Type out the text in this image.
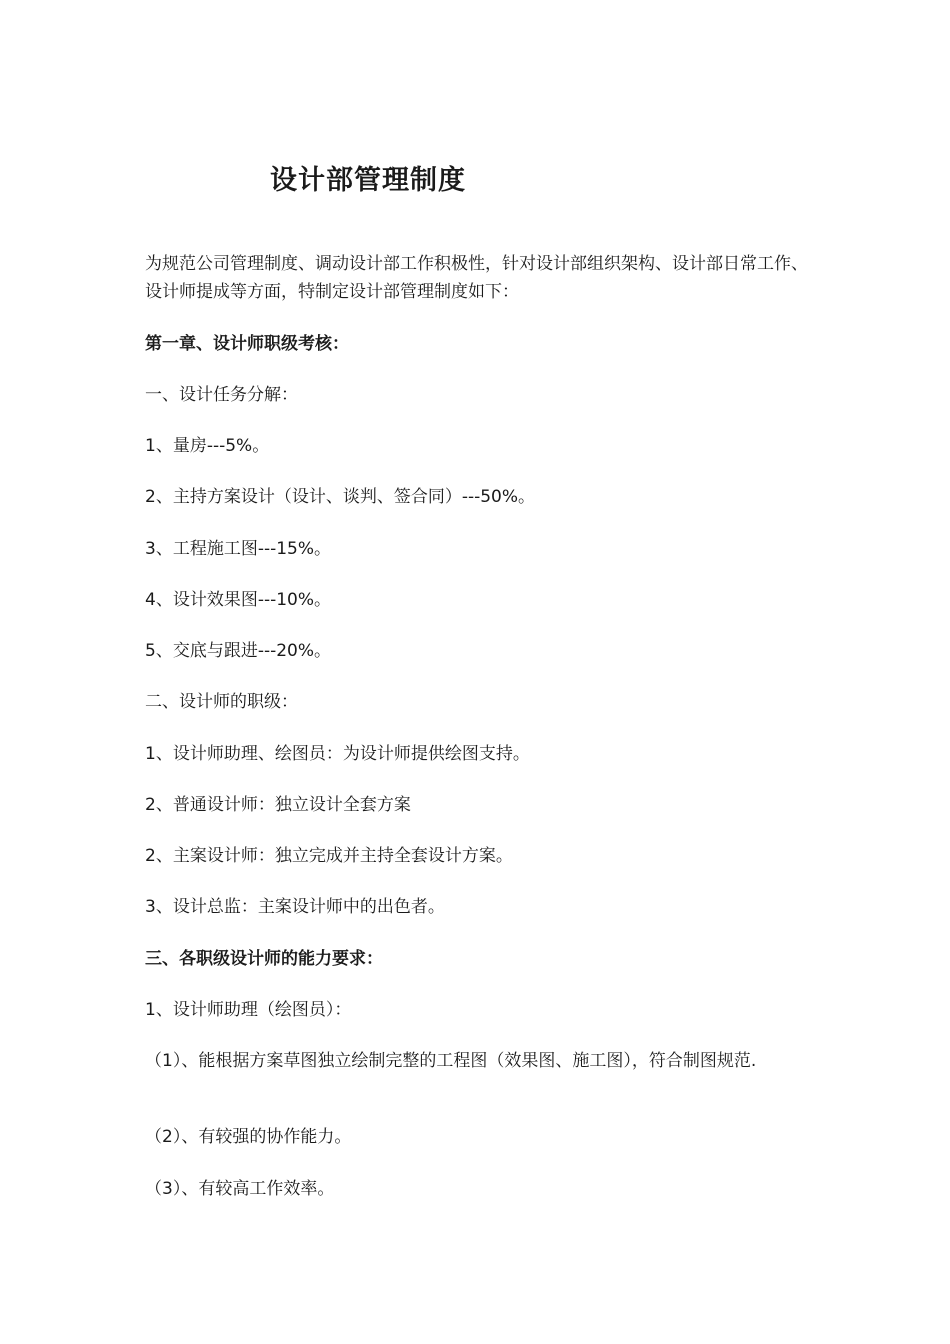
设计部管理制度
为规范公司管理制度、调动设计部工作积极性，针对设计部组织架构、设计部日常工作、设计师提成等方面，特制定设计部管理制度如下：
第一章、设计师职级考核：
一、设计任务分解：
1、量房---5%。
2、主持方案设计（设计、谈判、签合同）---50%。
3、工程施工图---15%。
4、设计效果图---10%。
5、交底与跟进---20%。
二、设计师的职级：
1、设计师助理、绘图员：为设计师提供绘图支持。
2、普通设计师：独立设计全套方案
2、主案设计师：独立完成并主持全套设计方案。
3、设计总监：主案设计师中的出色者。
三、各职级设计师的能力要求：
1、设计师助理（绘图员）：
（1）、能根据方案草图独立绘制完整的工程图（效果图、施工图），符合制图规范.
（2）、有较强的协作能力。
（3）、有较高工作效率。
